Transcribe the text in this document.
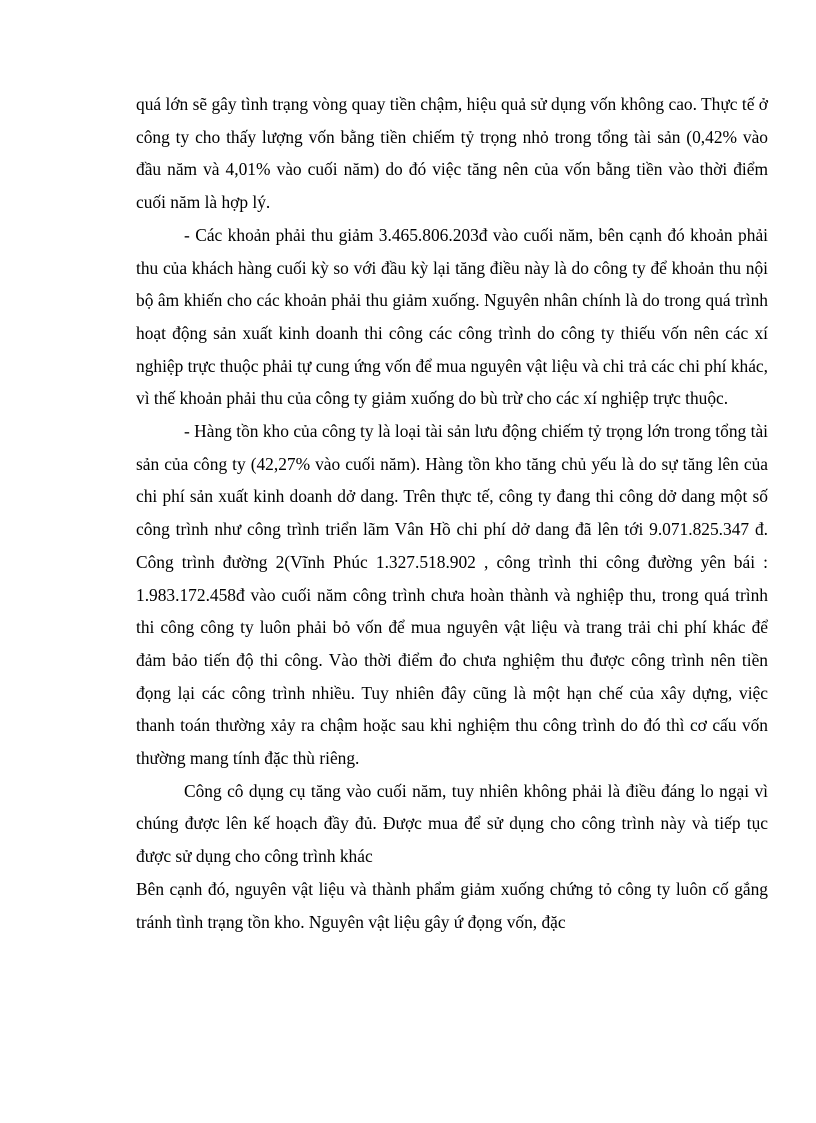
quá lớn sẽ gây tình trạng vòng quay tiền chậm, hiệu quả sử dụng vốn không cao. Thực tế ở công ty cho thấy lượng vốn bằng tiền chiếm tỷ trọng nhỏ trong tổng tài sản (0,42% vào đầu năm và 4,01% vào cuối năm) do đó việc tăng nên của vốn bằng tiền vào thời điểm cuối năm là hợp lý.

- Các khoản phải thu giảm 3.465.806.203đ vào cuối năm, bên cạnh đó khoản phải thu của khách hàng cuối kỳ so với đầu kỳ lại tăng điều này là do công ty để khoản thu nội bộ âm khiến cho các khoản phải thu giảm xuống. Nguyên nhân chính là do trong quá trình hoạt động sản xuất kinh doanh thi công các công trình do công ty thiếu vốn nên các xí nghiệp trực thuộc phải tự cung ứng vốn để mua nguyên vật liệu và chi trả các chi phí khác, vì thế khoản phải thu của công ty giảm xuống do bù trừ cho các xí nghiệp trực thuộc.

- Hàng tồn kho của công ty là loại tài sản lưu động chiếm tỷ trọng lớn trong tổng tài sản của công ty (42,27% vào cuối năm). Hàng tồn kho tăng chủ yếu là do sự tăng lên của chi phí sản xuất kinh doanh dở dang. Trên thực tế, công ty đang thi công dở dang một số công trình như công trình triển lãm Vân Hồ chi phí dở dang đã lên tới 9.071.825.347 đ. Công trình đường 2(Vĩnh Phúc 1.327.518.902 , công trình thi công đường yên bái : 1.983.172.458đ vào cuối năm công trình chưa hoàn thành và nghiệp thu, trong quá trình thi công công ty luôn phải bỏ vốn để mua nguyên vật liệu và trang trải chi phí khác để đảm bảo tiến độ thi công. Vào thời điểm đo chưa nghiệm thu được công trình nên tiền đọng lại các công trình nhiều. Tuy nhiên đây cũng là một hạn chế của xây dựng, việc thanh toán thường xảy ra chậm hoặc sau khi nghiệm thu công trình do đó thì cơ cấu vốn thường mang tính đặc thù riêng.

Công cô dụng cụ tăng vào cuối năm, tuy nhiên không phải là điều đáng lo ngại vì chúng được lên kế hoạch đầy đủ. Được mua để sử dụng cho công trình này và tiếp tục được sử dụng cho công trình khác

Bên cạnh đó, nguyên vật liệu và thành phẩm giảm xuống chứng tỏ công ty luôn cố gắng tránh tình trạng tồn kho. Nguyên vật liệu gây ứ đọng vốn, đặc
